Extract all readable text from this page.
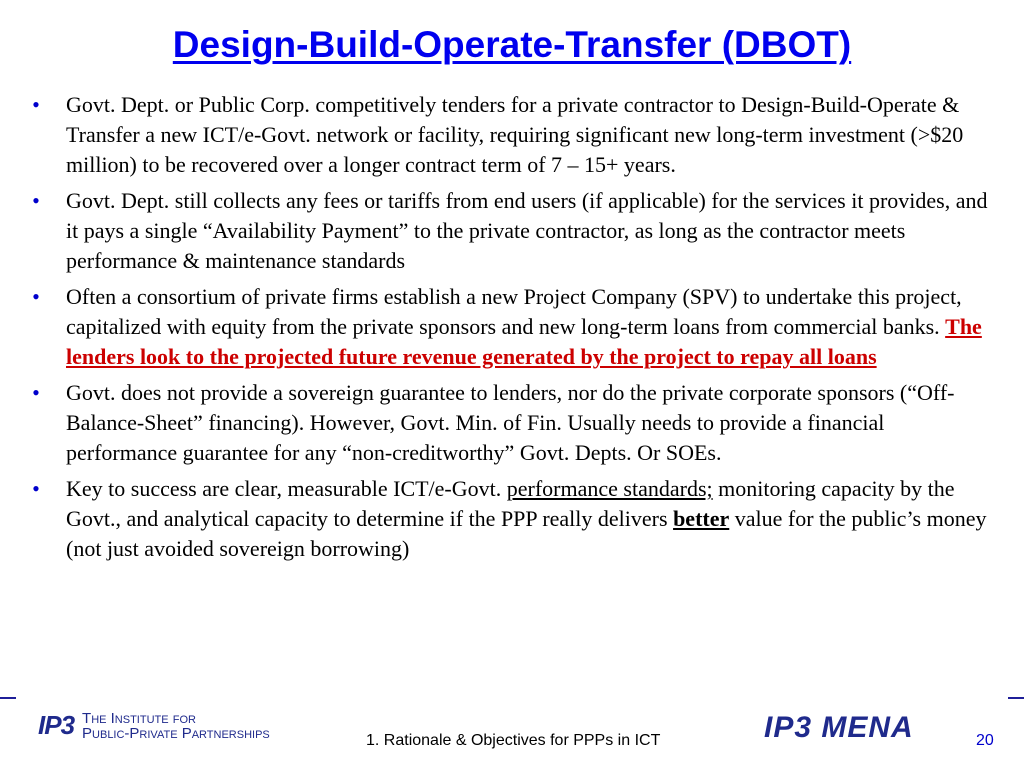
Design-Build-Operate-Transfer (DBOT)
• Govt. Dept. or Public Corp. competitively tenders for a private contractor to Design-Build-Operate & Transfer a new ICT/e-Govt. network or facility, requiring significant new long-term investment (>$20 million) to be recovered over a longer contract term of 7 – 15+ years.
• Govt. Dept. still collects any fees or tariffs from end users (if applicable) for the services it provides, and it pays a single “Availability Payment” to the private contractor, as long as the contractor meets performance & maintenance standards
• Often a consortium of private firms establish a new Project Company (SPV) to undertake this project, capitalized with equity from the private sponsors and new long-term loans from commercial banks. The lenders look to the projected future revenue generated by the project to repay all loans
• Govt. does not provide a sovereign guarantee to lenders, nor do the private corporate sponsors (“Off-Balance-Sheet” financing). However, Govt. Min. of Fin. Usually needs to provide a financial performance guarantee for any “non-creditworthy” Govt. Depts. Or SOEs.
• Key to success are clear, measurable ICT/e-Govt. performance standards; monitoring capacity by the Govt., and analytical capacity to determine if the PPP really delivers better value for the public’s money (not just avoided sovereign borrowing)
IP3 The Institute for
Public-Private Partnerships	1. Rationale & Objectives for PPPs in ICT	IP3 MENA	20
